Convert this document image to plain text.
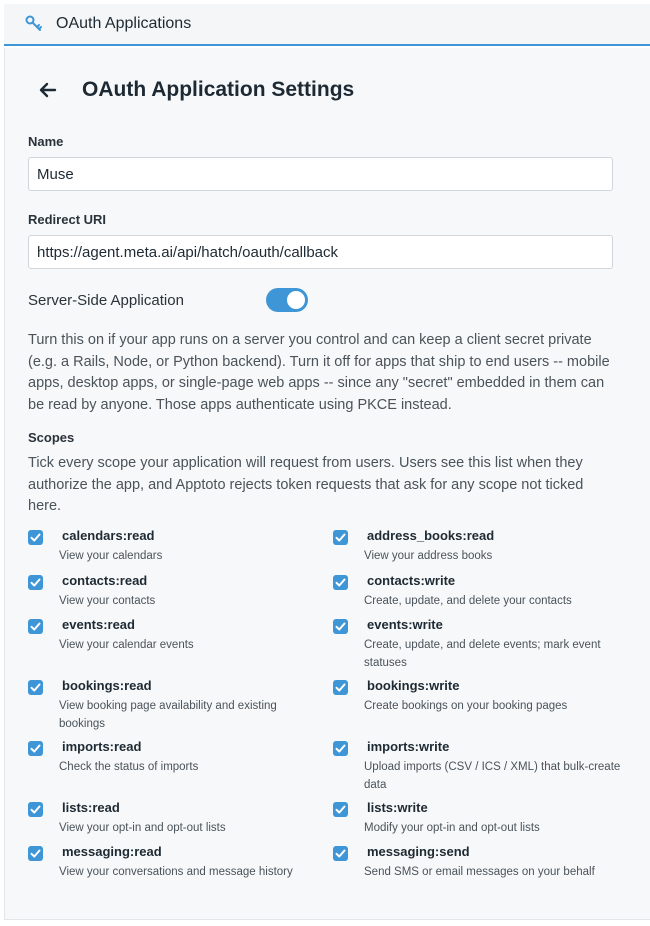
OAuth Applications
OAuth Application Settings
Name
Muse
Redirect URI
https://agent.meta.ai/api/hatch/oauth/callback
Server-Side Application

Turn this on if your app runs on a server you control and can keep a client secret private (e.g. a Rails, Node, or Python backend). Turn it off for apps that ship to end users -- mobile apps, desktop apps, or single-page web apps -- since any "secret" embedded in them can be read by anyone. Those apps authenticate using PKCE instead.

Scopes

Tick every scope your application will request from users. Users see this list when they authorize the app, and Apptoto rejects token requests that ask for any scope not ticked here.

calendars:read
View your calendars
address_books:read
View your address books
contacts:read
View your contacts
contacts:write
Create, update, and delete your contacts
events:read
View your calendar events
events:write
Create, update, and delete events; mark event statuses
bookings:read
View booking page availability and existing bookings
bookings:write
Create bookings on your booking pages
imports:read
Check the status of imports
imports:write
Upload imports (CSV / ICS / XML) that bulk-create data
lists:read
View your opt-in and opt-out lists
lists:write
Modify your opt-in and opt-out lists
messaging:read
View your conversations and message history
messaging:send
Send SMS or email messages on your behalf
